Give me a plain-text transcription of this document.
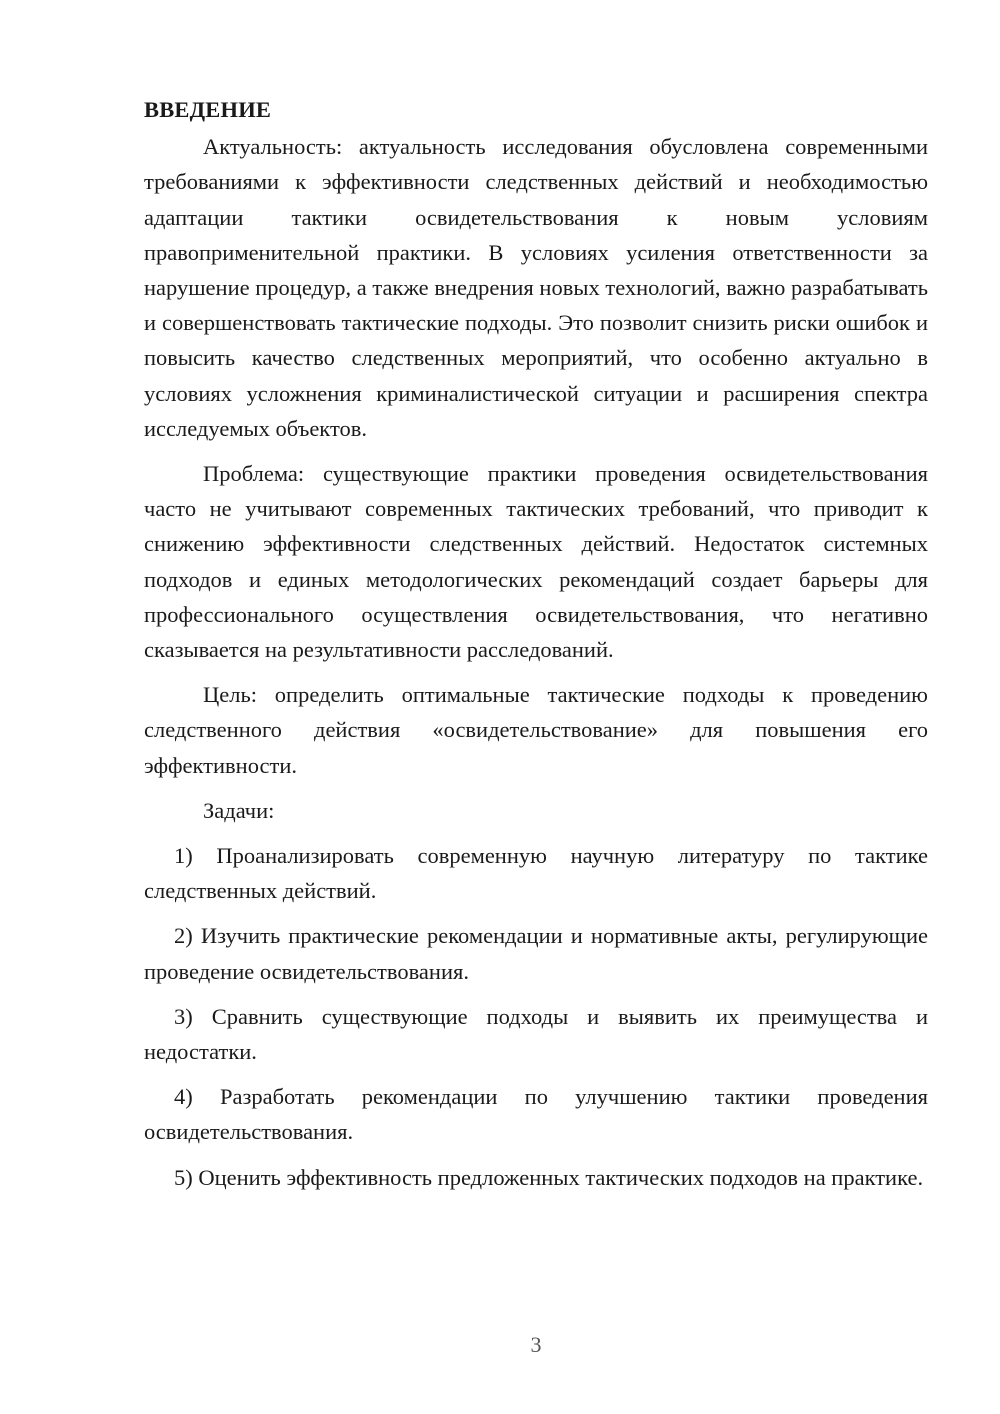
ВВЕДЕНИЕ

Актуальность: актуальность исследования обусловлена современными требованиями к эффективности следственных действий и необходимостью адаптации тактики освидетельствования к новым условиям правоприменительной практики. В условиях усиления ответственности за нарушение процедур, а также внедрения новых технологий, важно разрабатывать и совершенствовать тактические подходы. Это позволит снизить риски ошибок и повысить качество следственных мероприятий, что особенно актуально в условиях усложнения криминалистической ситуации и расширения спектра исследуемых объектов.

Проблема: существующие практики проведения освидетельствования часто не учитывают современных тактических требований, что приводит к снижению эффективности следственных действий. Недостаток системных подходов и единых методологических рекомендаций создает барьеры для профессионального осуществления освидетельствования, что негативно сказывается на результативности расследований.

Цель: определить оптимальные тактические подходы к проведению следственного действия «освидетельствование» для повышения его эффективности.

Задачи:

1) Проанализировать современную научную литературу по тактике следственных действий.

2) Изучить практические рекомендации и нормативные акты, регулирующие проведение освидетельствования.

3) Сравнить существующие подходы и выявить их преимущества и недостатки.

4) Разработать рекомендации по улучшению тактики проведения освидетельствования.

5) Оценить эффективность предложенных тактических подходов на практике.

3
